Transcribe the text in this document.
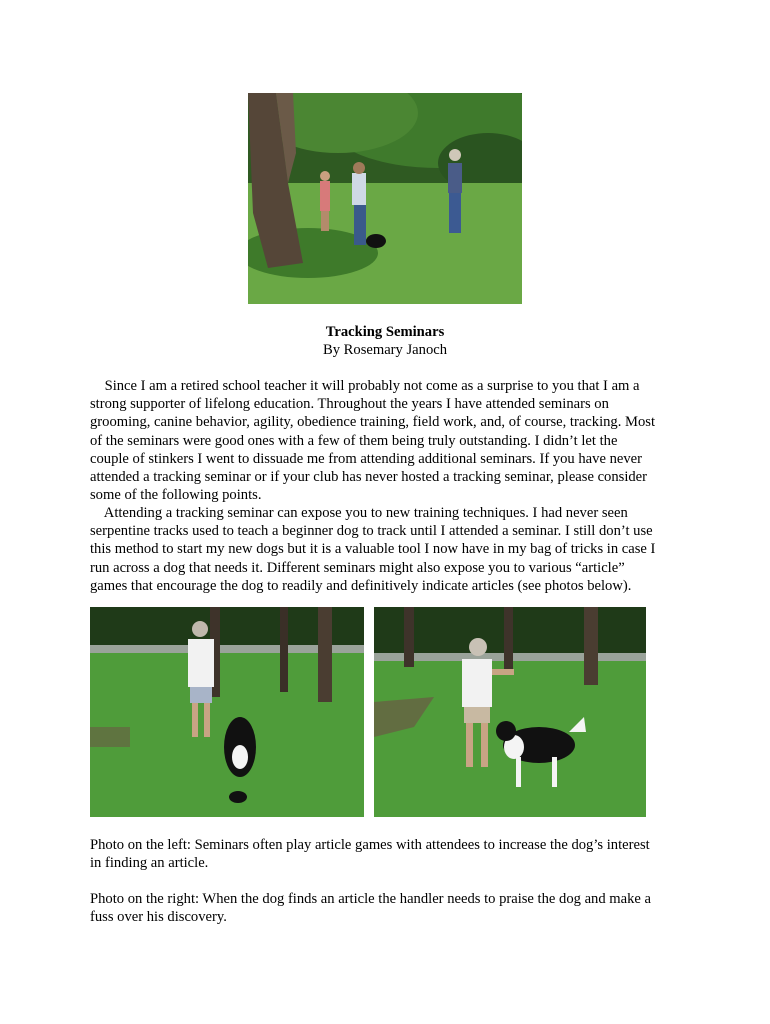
Tracking Seminars
By Rosemary Janoch
Since I am a retired school teacher it will probably not come as a surprise to you that I am a
strong supporter of lifelong education. Throughout the years I have attended seminars on
grooming, canine behavior, agility, obedience training, field work, and, of course, tracking. Most
of the seminars were good ones with a few of them being truly outstanding. I didn’t let the
couple of stinkers I went to dissuade me from attending additional seminars. If you have never
attended a tracking seminar or if your club has never hosted a tracking seminar, please consider
some of the following points.
Attending a tracking seminar can expose you to new training techniques. I had never seen
serpentine tracks used to teach a beginner dog to track until I attended a seminar. I still don’t use
this method to start my new dogs but it is a valuable tool I now have in my bag of tricks in case I
run across a dog that needs it. Different seminars might also expose you to various “article”
games that encourage the dog to readily and definitively indicate articles (see photos below).
Photo on the left: Seminars often play article games with attendees to increase the dog’s interest
in finding an article.
Photo on the right: When the dog finds an article the handler needs to praise the dog and make a
fuss over his discovery.
